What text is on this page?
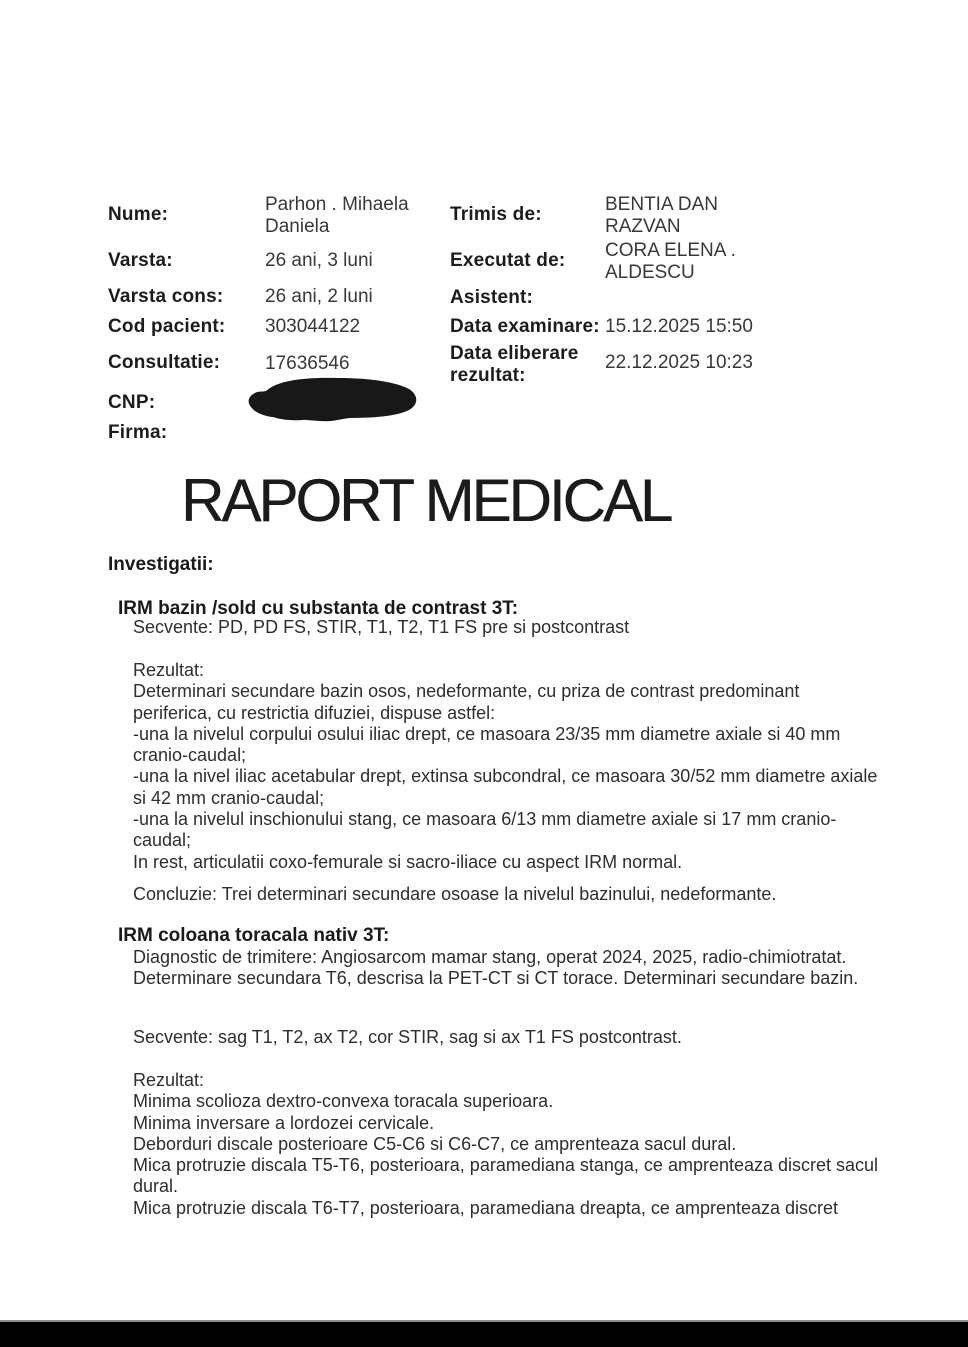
Nume:	Parhon . Mihaela Daniela
Varsta:	26 ani, 3 luni
Varsta cons: 26 ani, 2 luni
Cod pacient: 303044122
Consultatie: 17636546
CNP:
Firma:
Trimis de:	BENTIA DAN RAZVAN
Executat de: CORA ELENA . ALDESCU
Asistent:
Data examinare: 15.12.2025 15:50
Data eliberare rezultat:
22.12.2025 10:23
RAPORT MEDICAL
Investigatii:
IRM bazin /sold cu substanta de contrast 3T:
Secvente: PD, PD FS, STIR, T1, T2, T1 FS pre si postcontrast
Rezultat:
Determinari secundare bazin osos, nedeformante, cu priza de contrast predominant periferica, cu restrictia difuziei, dispuse astfel:
-una la nivelul corpului osului iliac drept, ce masoara 23/35 mm diametre axiale si 40 mm cranio-caudal;
-una la nivel iliac acetabular drept, extinsa subcondral, ce masoara 30/52 mm diametre axiale si 42 mm cranio-caudal;
-una la nivelul inschionului stang, ce masoara 6/13 mm diametre axiale si 17 mm cranio-caudal;
In rest, articulatii coxo-femurale si sacro-iliace cu aspect IRM normal.
Concluzie: Trei determinari secundare osoase la nivelul bazinului, nedeformante.
IRM coloana toracala nativ 3T:
Diagnostic de trimitere: Angiosarcom mamar stang, operat 2024, 2025, radio-chimiotratat.
Determinare secundara T6, descrisa la PET-CT si CT torace. Determinari secundare bazin.
Secvente: sag T1, T2, ax T2, cor STIR, sag si ax T1 FS postcontrast.
Rezultat:
Minima scolioza dextro-convexa toracala superioara.
Minima inversare a lordozei cervicale.
Deborduri discale posterioare C5-C6 si C6-C7, ce amprenteaza sacul dural.
Mica protruzie discala T5-T6, posterioara, paramediana stanga, ce amprenteaza discret sacul dural.
Mica protruzie discala T6-T7, posterioara, paramediana dreapta, ce amprenteaza discret
